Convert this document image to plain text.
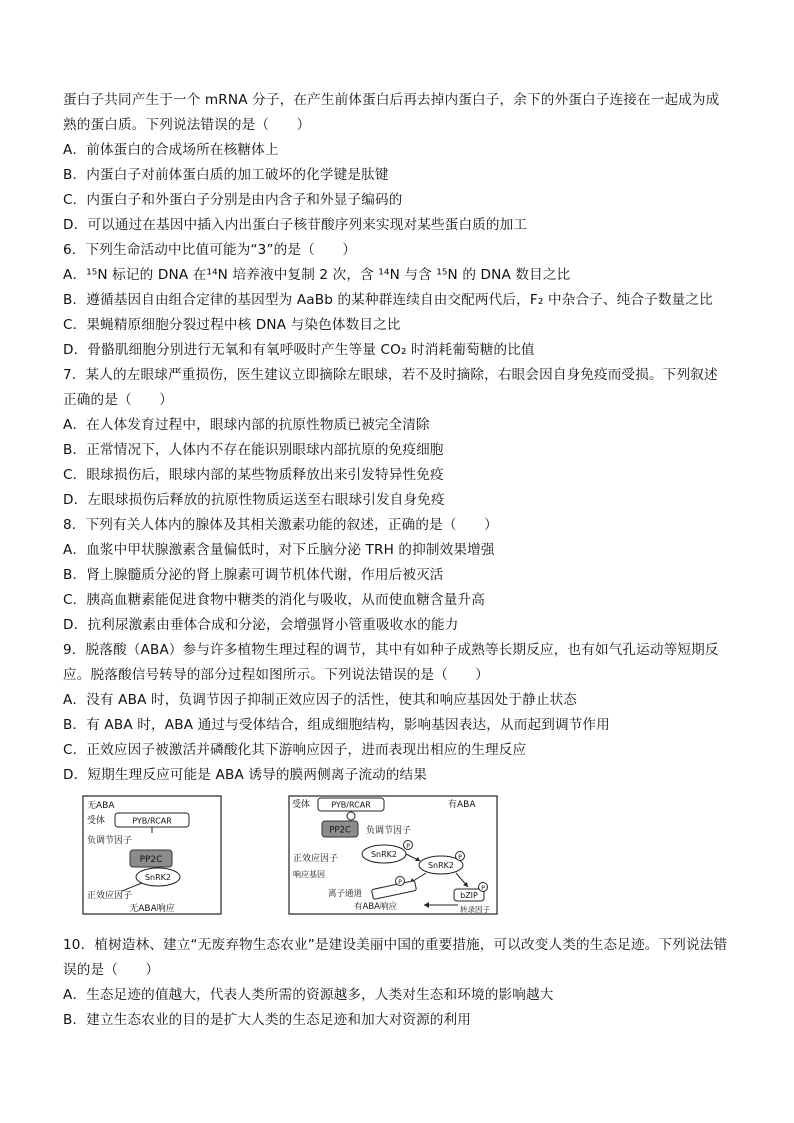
蛋白子共同产生于一个 mRNA 分子，在产生前体蛋白后再去掉内蛋白子，余下的外蛋白子连接在一起成为成
熟的蛋白质。下列说法错误的是（　　）
A．前体蛋白的合成场所在核糖体上
B．内蛋白子对前体蛋白质的加工破坏的化学键是肽键
C．内蛋白子和外蛋白子分别是由内含子和外显子编码的
D．可以通过在基因中插入内出蛋白子核苷酸序列来实现对某些蛋白质的加工
6．下列生命活动中比值可能为“3”的是（　　）
A．¹⁵N 标记的 DNA 在¹⁴N 培养液中复制 2 次，含 ¹⁴N 与含 ¹⁵N 的 DNA 数目之比
B．遵循基因自由组合定律的基因型为 AaBb 的某种群连续自由交配两代后，F₂ 中杂合子、纯合子数量之比
C．果蝇精原细胞分裂过程中核 DNA 与染色体数目之比
D．骨骼肌细胞分别进行无氧和有氧呼吸时产生等量 CO₂ 时消耗葡萄糖的比值
7．某人的左眼球严重损伤，医生建议立即摘除左眼球，若不及时摘除，右眼会因自身免疫而受损。下列叙述
正确的是（　　）
A．在人体发育过程中，眼球内部的抗原性物质已被完全清除
B．正常情况下，人体内不存在能识别眼球内部抗原的免疫细胞
C．眼球损伤后，眼球内部的某些物质释放出来引发特异性免疫
D．左眼球损伤后释放的抗原性物质运送至右眼球引发自身免疫
8．下列有关人体内的腺体及其相关激素功能的叙述，正确的是（　　）
A．血浆中甲状腺激素含量偏低时，对下丘脑分泌 TRH 的抑制效果增强
B．肾上腺髓质分泌的肾上腺素可调节机体代谢，作用后被灭活
C．胰高血糖素能促进食物中糖类的消化与吸收，从而使血糖含量升高
D．抗利尿激素由垂体合成和分泌，会增强肾小管重吸收水的能力
9．脱落酸（ABA）参与许多植物生理过程的调节，其中有如种子成熟等长期反应，也有如气孔运动等短期反
应。脱落酸信号转导的部分过程如图所示。下列说法错误的是（　　）
A．没有 ABA 时，负调节因子抑制正效应因子的活性，使其和响应基因处于静止状态
B．有 ABA 时，ABA 通过与受体结合，组成细胞结构，影响基因表达，从而起到调节作用
C．正效应因子被激活并磷酸化其下游响应因子，进而表现出相应的生理反应
D．短期生理反应可能是 ABA 诱导的膜两侧离子流动的结果
无ABA
受体	PYB/RCAR
负调节因子
PP2C
SnRK2
正效应因子
无ABA响应
受体	PYB/RCAR	有ABA
PP2C 负调节因子
正效应因子	SnRK2
P
SnRK2
P
响应基因
离子通道
P
bZIP
P
有ABA响应	转录因子
10．植树造林、建立“无废弃物生态农业”是建设美丽中国的重要措施，可以改变人类的生态足迹。下列说法错
误的是（　　）
A．生态足迹的值越大，代表人类所需的资源越多，人类对生态和环境的影响越大
B．建立生态农业的目的是扩大人类的生态足迹和加大对资源的利用
